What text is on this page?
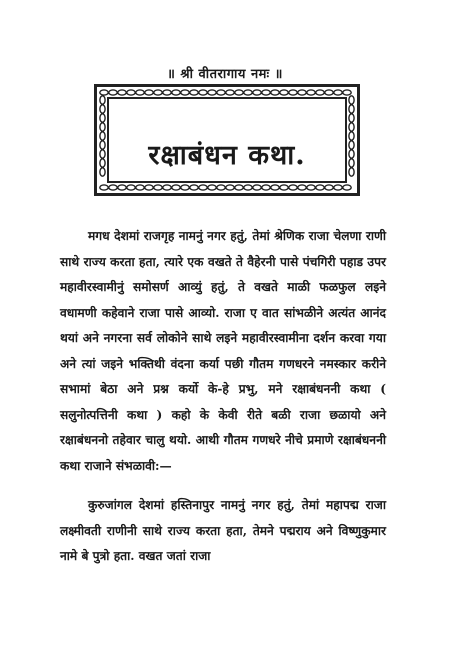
॥ श्री वीतरागाय नमः ॥
रक्षाबंधन कथा.

मगध देशमां राजगृह नामनुं नगर हतुं, तेमां श्रेणिक राजा चेलणा राणी साथे राज्य करता हता, त्यारे एक वखते ते वैहेरनी पासे पंचगिरी पहाड उपर महावीरस्वामीनुं समोसर्ण आव्युं हतुं, ते वखते माळी फळफुल लइने वधामणी कहेवाने राजा पासे आव्यो. राजा ए वात सांभळीने अत्यंत आनंद थयां अने नगरना सर्व लोकोने साथे लइने महावीरस्वामीना दर्शन करवा गया अने त्यां जइने भक्तिथी वंदना कर्या पछी गौतम गणधरने नमस्कार करीने सभामां बेठा अने प्रश्न कर्यो के-हे प्रभु, मने रक्षाबंधननी कथा ( सलुनोत्पत्तिनी कथा ) कहो के केवी रीते बळी राजा छळायो अने रक्षाबंधननो तहेवार चालु थयो. आथी गौतम गणधरे नीचे प्रमाणे रक्षाबंधननी कथा राजाने संभळावी:—

कुरुजांगल देशमां हस्तिनापुर नामनुं नगर हतुं, तेमां महापद्म राजा लक्ष्मीवती राणीनी साथे राज्य करता हता, तेमने पद्मराय अने विष्णुकुमार नामे बे पुत्रो हता. वखत जतां राजा
